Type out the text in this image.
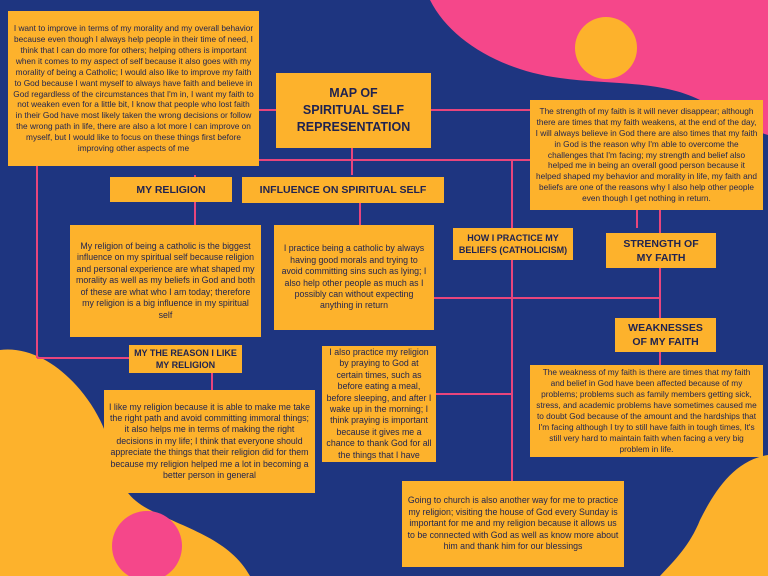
I want to improve in terms of my morality and my overall behavior because even though I always help people in their time of need, I think that I can do more for others; helping others is important when it comes to my aspect of self because it also goes with my morality of being a Catholic; I would also like to improve my faith to God because I want myself to always have faith and believe in God regardless of the circumstances that I'm in, I want my faith to not weaken even for a little bit, I know that people who lost faith in their God have most likely taken the wrong decisions or follow the wrong path in life, there are also a lot more I can improve on myself, but I would like to focus on these things first before improving other aspects of me
MAP OF
SPIRITUAL SELF
REPRESENTATION
The strength of my faith is it will never disappear; although there are times that my faith weakens, at the end of the day, I will always believe in God there are also times that my faith in God is the reason why I'm able to overcome the challenges that I'm facing; my strength and belief also helped me in being an overall good person because it helped shaped my behavior and morality in life, my faith and beliefs are one of the reasons why I also help other people even though I get nothing in return.
MY RELIGION	INFLUENCE ON SPIRITUAL SELF
HOW I PRACTICE MY BELIEFS (CATHOLICISM)
STRENGTH OF
MY FAITH
My religion of being a catholic is the biggest influence on my spiritual self because religion and personal experience are what shaped my morality as well as my beliefs in God and both of these are what who I am today; therefore my religion is a big influence in my spiritual self
I practice being a catholic by always having good morals and trying to avoid committing sins such as lying; I also help other people as much as I possibly can without expecting anything in return
WEAKNESSES
OF MY FAITH
MY THE REASON I LIKE
MY RELIGION
I also practice my religion by praying to God at certain times, such as before eating a meal, before sleeping, and after I wake up in the morning; I think praying is important because it gives me a chance to thank God for all the things that I have
The weakness of my faith is there are times that my faith and belief in God have been affected because of my problems; problems such as family members getting sick, stress, and academic problems have sometimes caused me to doubt God because of the amount and the hardships that I'm facing although I try to still have faith in tough times, It's still very hard to maintain faith when facing a very big problem in life.
I like my religion because it is able to make me take the right path and avoid committing immoral things; it also helps me in terms of making the right decisions in my life; I think that everyone should appreciate the things that their religion did for them because my religion helped me a lot in becoming a better person in general
Going to church is also another way for me to practice my religion; visiting the house of God every Sunday is important for me and my religion because it allows us to be connected with God as well as know more about him and thank him for our blessings
